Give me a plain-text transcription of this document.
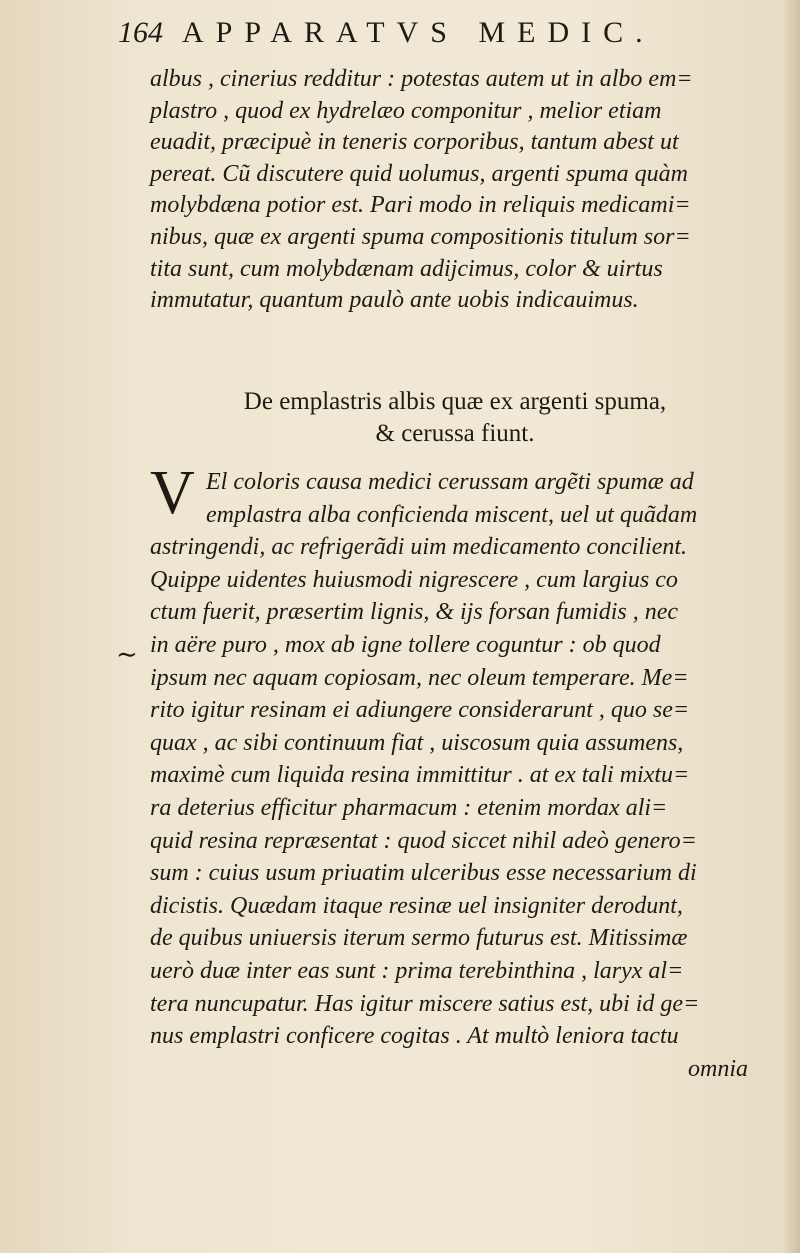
164 APPARATVS MEDIC.
albus , cinerius redditur : potestas autem ut in albo em=
plastro , quod ex hydrelæo componitur , melior etiam
euadit, præcipuè in teneris corporibus, tantum abest ut
pereat. Cũ discutere quid uolumus, argenti spuma quàm
molybdæna potior est. Pari modo in reliquis medicami=
nibus, quæ ex argenti spuma compositionis titulum sor=
tita sunt, cum molybdænam adijcimus, color & uirtus
immutatur, quantum paulò ante uobis indicauimus.
De emplastris albis quæ ex argenti spuma,
& cerussa fiunt.
V
∼
El coloris causa medici cerussam argẽti spumæ ad
emplastra alba conficienda miscent, uel ut quãdam
astringendi, ac refrigerãdi uim medicamento concilient.
Quippe uidentes huiusmodi nigrescere , cum largius co
ctum fuerit, præsertim lignis, & ijs forsan fumidis , nec
in aëre puro , mox ab igne tollere coguntur : ob quod
ipsum nec aquam copiosam, nec oleum temperare. Me=
rito igitur resinam ei adiungere considerarunt , quo se=
quax , ac sibi continuum fiat , uiscosum quia assumens,
maximè cum liquida resina immittitur . at ex tali mixtu=
ra deterius efficitur pharmacum : etenim mordax ali=
quid resina repræsentat : quod siccet nihil adeò genero=
sum : cuius usum priuatim ulceribus esse necessarium di
dicistis. Quædam itaque resinæ uel insigniter derodunt,
de quibus uniuersis iterum sermo futurus est. Mitissimæ
uerò duæ inter eas sunt : prima terebinthina , laryx al=
tera nuncupatur. Has igitur miscere satius est, ubi id ge=
nus emplastri conficere cogitas . At multò leniora tactu
omnia
